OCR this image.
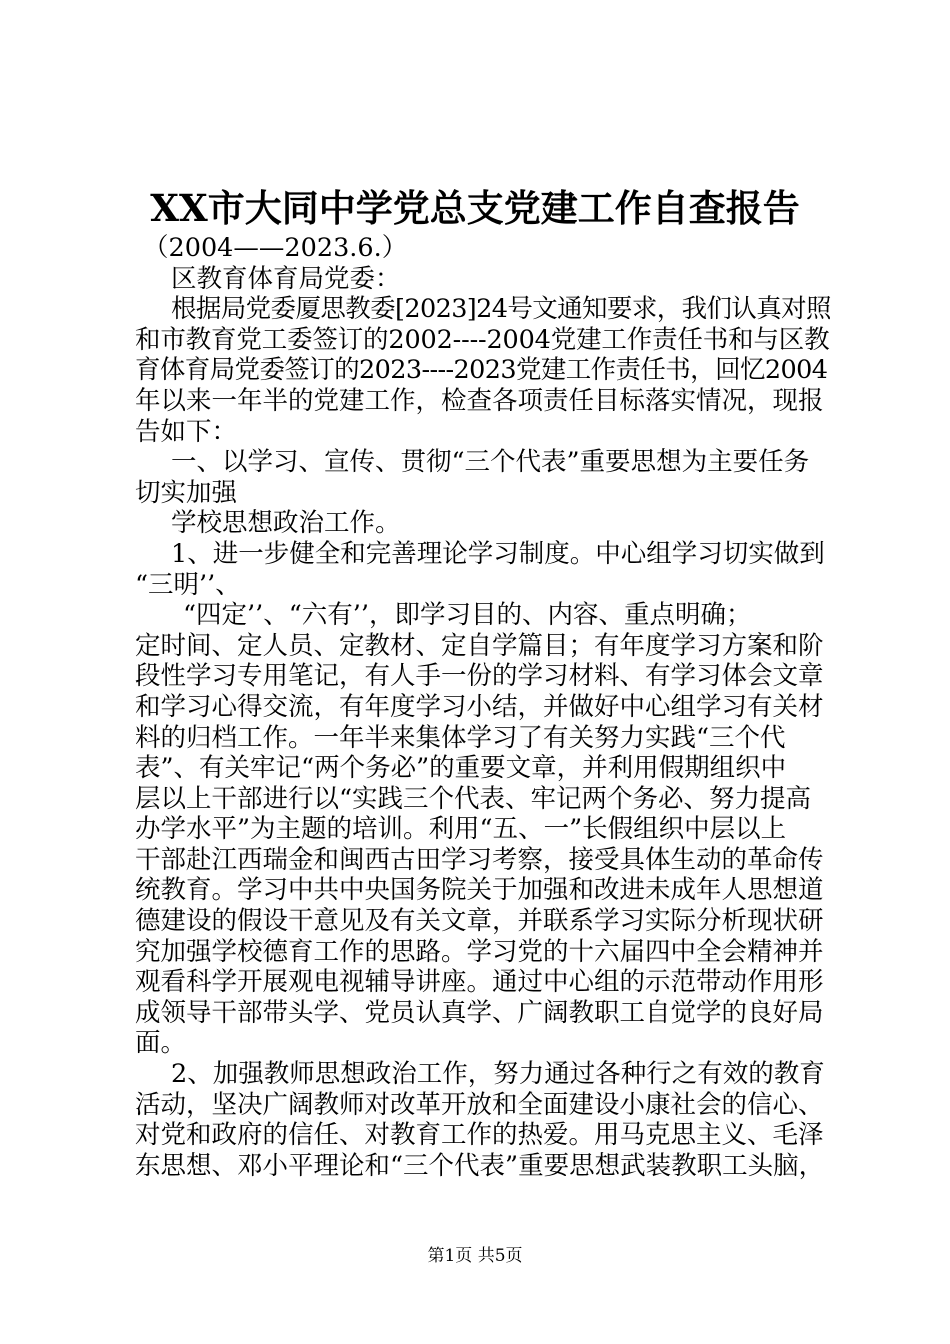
XX市大同中学党总支党建工作自查报告

（2004——2023.6.）

区教育体育局党委：

根据局党委厦思教委[2023]24号文通知要求，我们认真对照

和市教育党工委签订的2002----2004党建工作责任书和与区教

育体育局党委签订的2023----2023党建工作责任书，回忆2004

年以来一年半的党建工作，检查各项责任目标落实情况，现报

告如下：

一、以学习、宣传、贯彻“三个代表”重要思想为主要任务

切实加强

学校思想政治工作。

1、进一步健全和完善理论学习制度。中心组学习切实做到

“三明’’、

“四定’’、“六有’’，即学习目的、内容、重点明确；

定时间、定人员、定教材、定自学篇目；有年度学习方案和阶

段性学习专用笔记，有人手一份的学习材料、有学习体会文章

和学习心得交流，有年度学习小结，并做好中心组学习有关材

料的归档工作。一年半来集体学习了有关努力实践“三个代

表”、有关牢记“两个务必”的重要文章，并利用假期组织中

层以上干部进行以“实践三个代表、牢记两个务必、努力提高

办学水平”为主题的培训。利用“五、一”长假组织中层以上

干部赴江西瑞金和闽西古田学习考察，接受具体生动的革命传

统教育。学习中共中央国务院关于加强和改进未成年人思想道

德建设的假设干意见及有关文章，并联系学习实际分析现状研

究加强学校德育工作的思路。学习党的十六届四中全会精神并

观看科学开展观电视辅导讲座。通过中心组的示范带动作用形

成领导干部带头学、党员认真学、广阔教职工自觉学的良好局

面。

2、加强教师思想政治工作，努力通过各种行之有效的教育

活动，坚决广阔教师对改革开放和全面建设小康社会的信心、

对党和政府的信任、对教育工作的热爱。用马克思主义、毛泽

东思想、邓小平理论和“三个代表”重要思想武装教职工头脑，

第1页 共5页
